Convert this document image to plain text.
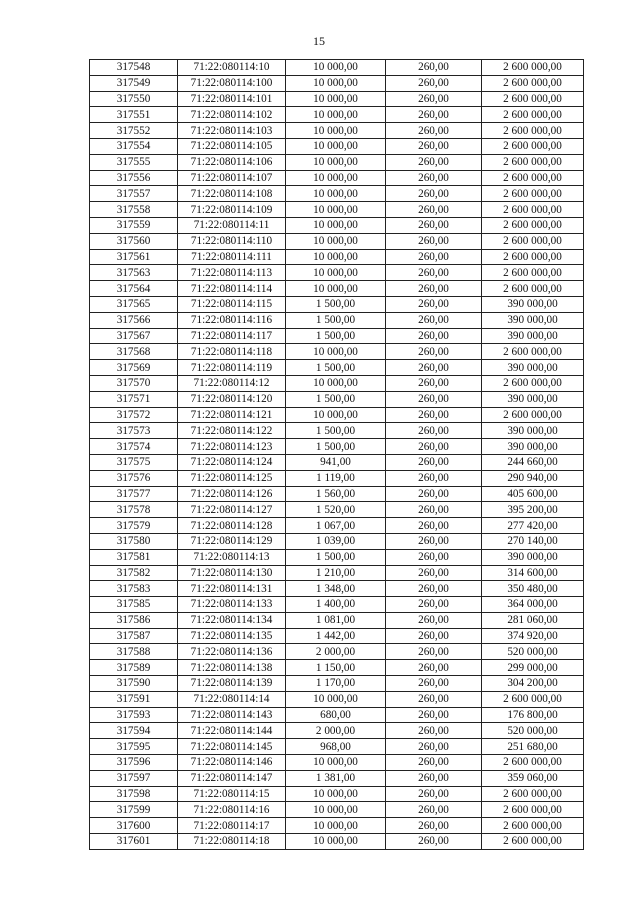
15
317548	71:22:080114:10	10 000,00	260,00	2 600 000,00
317549	71:22:080114:100	10 000,00	260,00	2 600 000,00
317550	71:22:080114:101	10 000,00	260,00	2 600 000,00
317551	71:22:080114:102	10 000,00	260,00	2 600 000,00
317552	71:22:080114:103	10 000,00	260,00	2 600 000,00
317554	71:22:080114:105	10 000,00	260,00	2 600 000,00
317555	71:22:080114:106	10 000,00	260,00	2 600 000,00
317556	71:22:080114:107	10 000,00	260,00	2 600 000,00
317557	71:22:080114:108	10 000,00	260,00	2 600 000,00
317558	71:22:080114:109	10 000,00	260,00	2 600 000,00
317559	71:22:080114:11	10 000,00	260,00	2 600 000,00
317560	71:22:080114:110	10 000,00	260,00	2 600 000,00
317561	71:22:080114:111	10 000,00	260,00	2 600 000,00
317563	71:22:080114:113	10 000,00	260,00	2 600 000,00
317564	71:22:080114:114	10 000,00	260,00	2 600 000,00
317565	71:22:080114:115	1 500,00	260,00	390 000,00
317566	71:22:080114:116	1 500,00	260,00	390 000,00
317567	71:22:080114:117	1 500,00	260,00	390 000,00
317568	71:22:080114:118	10 000,00	260,00	2 600 000,00
317569	71:22:080114:119	1 500,00	260,00	390 000,00
317570	71:22:080114:12	10 000,00	260,00	2 600 000,00
317571	71:22:080114:120	1 500,00	260,00	390 000,00
317572	71:22:080114:121	10 000,00	260,00	2 600 000,00
317573	71:22:080114:122	1 500,00	260,00	390 000,00
317574	71:22:080114:123	1 500,00	260,00	390 000,00
317575	71:22:080114:124	941,00	260,00	244 660,00
317576	71:22:080114:125	1 119,00	260,00	290 940,00
317577	71:22:080114:126	1 560,00	260,00	405 600,00
317578	71:22:080114:127	1 520,00	260,00	395 200,00
317579	71:22:080114:128	1 067,00	260,00	277 420,00
317580	71:22:080114:129	1 039,00	260,00	270 140,00
317581	71:22:080114:13	1 500,00	260,00	390 000,00
317582	71:22:080114:130	1 210,00	260,00	314 600,00
317583	71:22:080114:131	1 348,00	260,00	350 480,00
317585	71:22:080114:133	1 400,00	260,00	364 000,00
317586	71:22:080114:134	1 081,00	260,00	281 060,00
317587	71:22:080114:135	1 442,00	260,00	374 920,00
317588	71:22:080114:136	2 000,00	260,00	520 000,00
317589	71:22:080114:138	1 150,00	260,00	299 000,00
317590	71:22:080114:139	1 170,00	260,00	304 200,00
317591	71:22:080114:14	10 000,00	260,00	2 600 000,00
317593	71:22:080114:143	680,00	260,00	176 800,00
317594	71:22:080114:144	2 000,00	260,00	520 000,00
317595	71:22:080114:145	968,00	260,00	251 680,00
317596	71:22:080114:146	10 000,00	260,00	2 600 000,00
317597	71:22:080114:147	1 381,00	260,00	359 060,00
317598	71:22:080114:15	10 000,00	260,00	2 600 000,00
317599	71:22:080114:16	10 000,00	260,00	2 600 000,00
317600	71:22:080114:17	10 000,00	260,00	2 600 000,00
317601	71:22:080114:18	10 000,00	260,00	2 600 000,00
